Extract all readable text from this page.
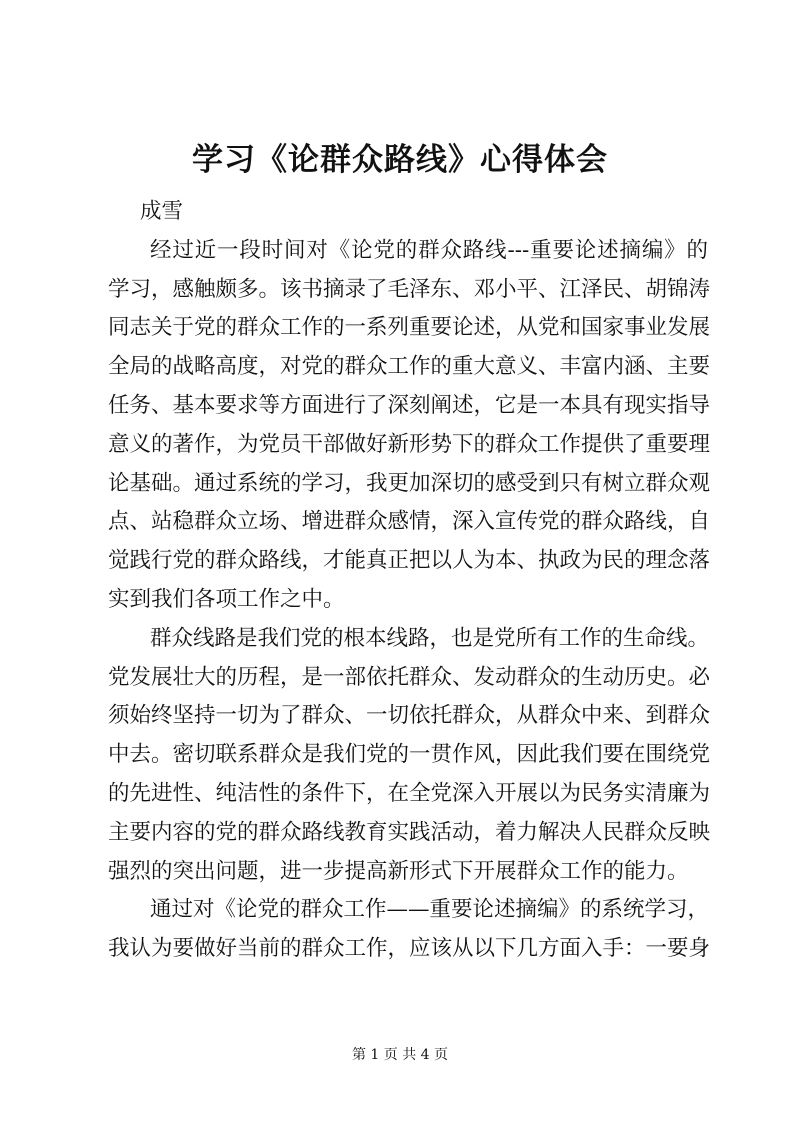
学习《论群众路线》心得体会
成雪
经过近一段时间对《论党的群众路线---重要论述摘编》的
学习，感触颇多。该书摘录了毛泽东、邓小平、江泽民、胡锦涛
同志关于党的群众工作的一系列重要论述，从党和国家事业发展
全局的战略高度，对党的群众工作的重大意义、丰富内涵、主要
任务、基本要求等方面进行了深刻阐述，它是一本具有现实指导
意义的著作，为党员干部做好新形势下的群众工作提供了重要理
论基础。通过系统的学习，我更加深切的感受到只有树立群众观
点、站稳群众立场、增进群众感情，深入宣传党的群众路线，自
觉践行党的群众路线，才能真正把以人为本、执政为民的理念落
实到我们各项工作之中。
群众线路是我们党的根本线路，也是党所有工作的生命线。
党发展壮大的历程，是一部依托群众、发动群众的生动历史。必
须始终坚持一切为了群众、一切依托群众，从群众中来、到群众
中去。密切联系群众是我们党的一贯作风，因此我们要在围绕党
的先进性、纯洁性的条件下，在全党深入开展以为民务实清廉为
主要内容的党的群众路线教育实践活动，着力解决人民群众反映
强烈的突出问题，进一步提高新形式下开展群众工作的能力。
通过对《论党的群众工作——重要论述摘编》的系统学习，
我认为要做好当前的群众工作，应该从以下几方面入手：一要身
第 1 页 共 4 页
